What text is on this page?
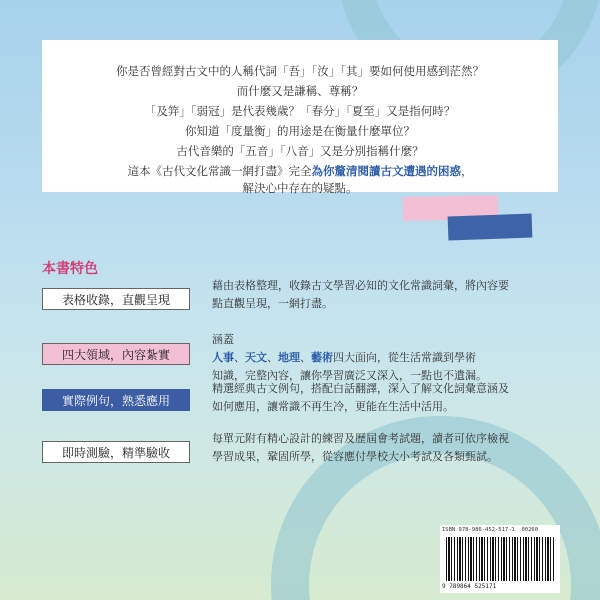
你是否曾經對古文中的人稱代詞「吾」「汝」「其」要如何使用感到茫然？

而什麼又是謙稱、尊稱？

「及笄」「弱冠」是代表幾歲？「春分」「夏至」又是指何時？

你知道「度量衡」的用途是在衡量什麼單位？

古代音樂的「五音」「八音」又是分別指稱什麼？

這本《古代文化常識一網打盡》完全為你釐清閱讀古文遭遇的困惑，

解決心中存在的疑點。

本書特色
表格收錄，直觀呈現

藉由表格整理，收錄古文學習必知的文化常識詞彙，將內容要
點直觀呈現，一網打盡。

四大領域，內容紮實

涵蓋
人事、天文、地理、藝術四大面向，從生活常識到學術
知識，完整內容，讓你學習廣泛又深入，一點也不遺漏。

實際例句，熟悉應用

精選經典古文例句，搭配白話翻譯，深入了解文化詞彙意涵及
如何應用，讓常識不再生冷，更能在生活中活用。

即時測驗，精準驗收

每單元附有精心設計的練習及歷屆會考試題，讀者可依序檢視
學習成果，鞏固所學，從容應付學校大小考試及各類甄試。

ISBN 978-986-452-517-1 00260
9 789864 525171
